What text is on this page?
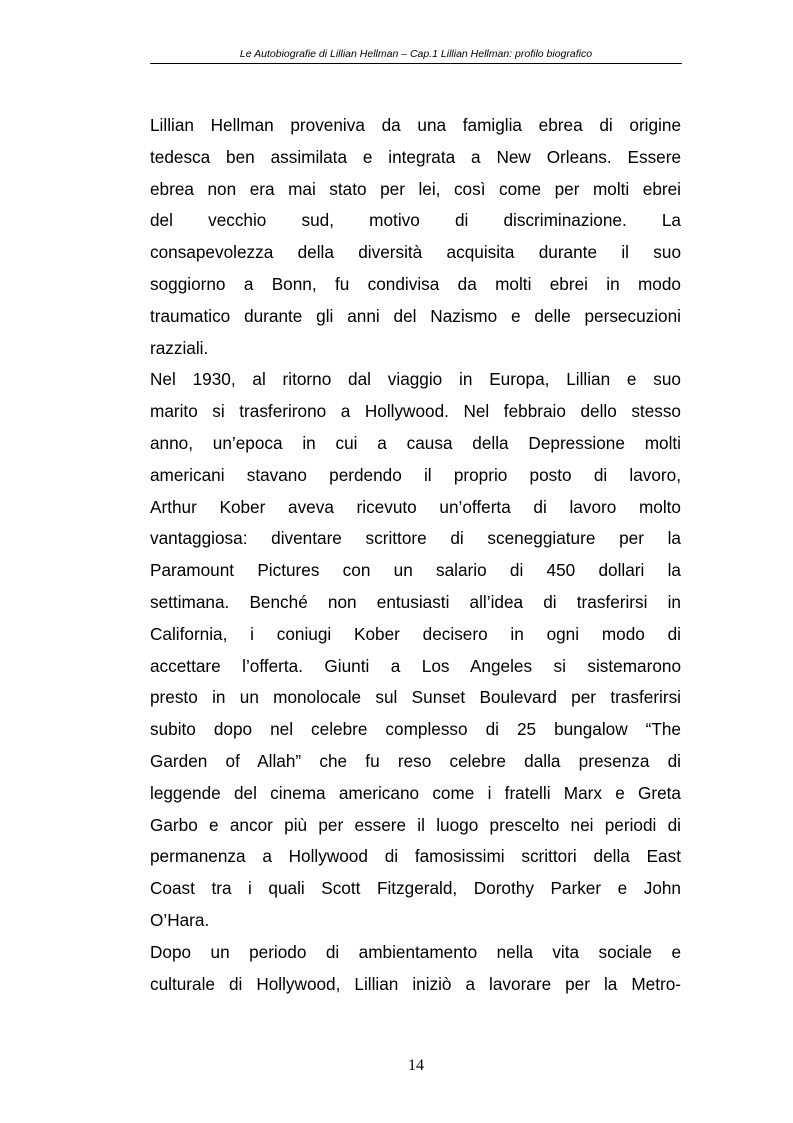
Le Autobiografie di Lillian Hellman – Cap.1 Lillian Hellman: profilo biografico

Lillian Hellman proveniva da una famiglia ebrea di origine

tedesca ben assimilata e integrata a New Orleans. Essere

ebrea non era mai stato per lei, così come per molti ebrei

del vecchio sud, motivo di discriminazione. La

consapevolezza della diversità acquisita durante il suo

soggiorno a Bonn, fu condivisa da molti ebrei in modo

traumatico durante gli anni del Nazismo e delle persecuzioni

razziali.

Nel 1930, al ritorno dal viaggio in Europa, Lillian e suo

marito si trasferirono a Hollywood. Nel febbraio dello stesso

anno, un’epoca in cui a causa della Depressione molti

americani stavano perdendo il proprio posto di lavoro,

Arthur Kober aveva ricevuto un’offerta di lavoro molto

vantaggiosa: diventare scrittore di sceneggiature per la

Paramount Pictures con un salario di 450 dollari la

settimana. Benché non entusiasti all’idea di trasferirsi in

California, i coniugi Kober decisero in ogni modo di

accettare l’offerta. Giunti a Los Angeles si sistemarono

presto in un monolocale sul Sunset Boulevard per trasferirsi

subito dopo nel celebre complesso di 25 bungalow “The

Garden of Allah” che fu reso celebre dalla presenza di

leggende del cinema americano come i fratelli Marx e Greta

Garbo e ancor più per essere il luogo prescelto nei periodi di

permanenza a Hollywood di famosissimi scrittori della East

Coast tra i quali Scott Fitzgerald, Dorothy Parker e John

O’Hara.

Dopo un periodo di ambientamento nella vita sociale e

culturale di Hollywood, Lillian iniziò a lavorare per la Metro-

14
